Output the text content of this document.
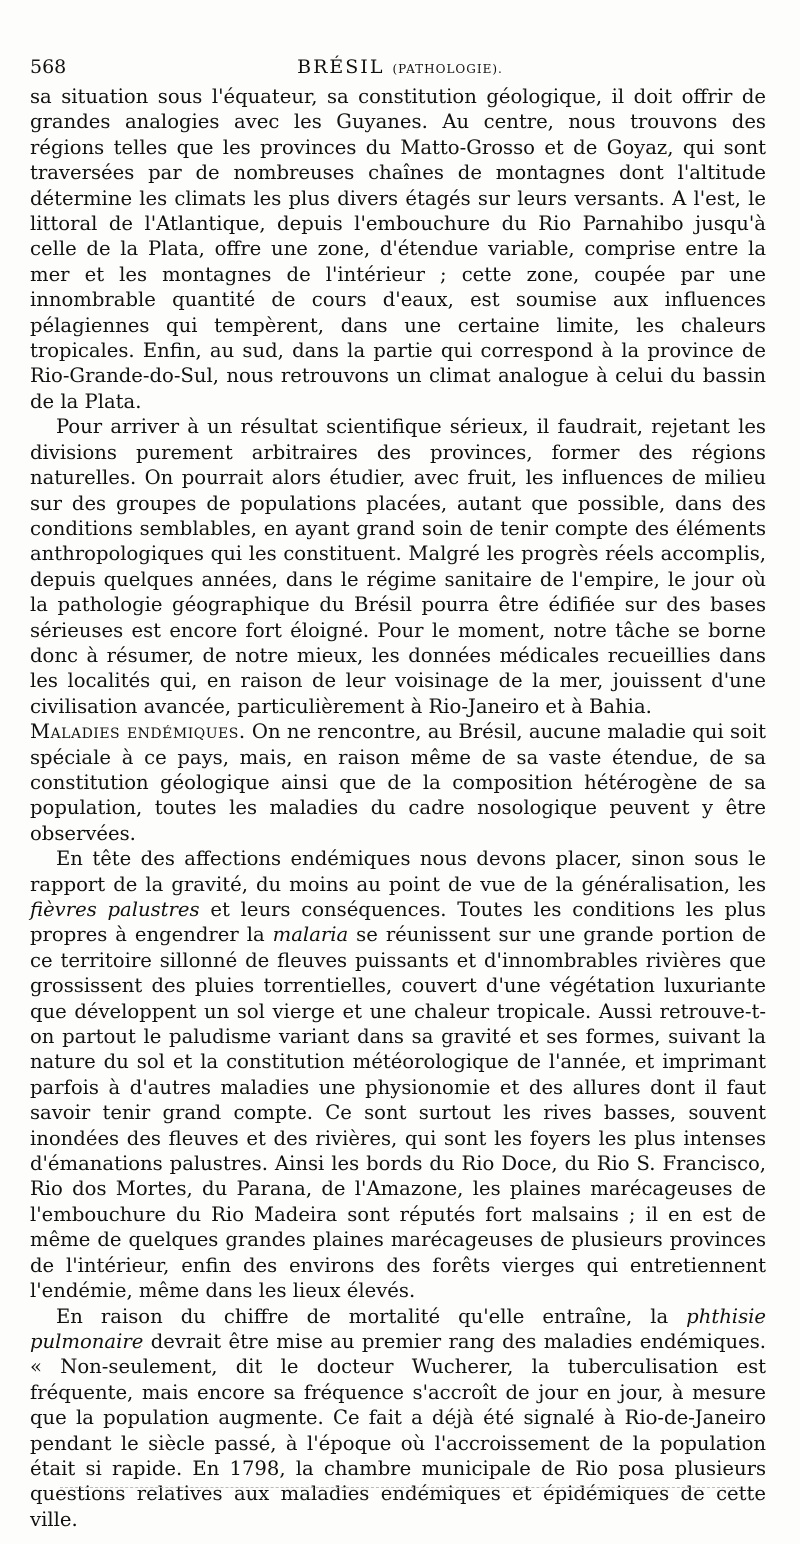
568	BRÉSIL (PATHOLOGIE).

sa situation sous l'équateur, sa constitution géologique, il doit offrir de grandes analogies avec les Guyanes. Au centre, nous trouvons des régions telles que les provinces du Matto-Grosso et de Goyaz, qui sont traversées par de nombreuses chaînes de montagnes dont l'altitude détermine les climats les plus divers étagés sur leurs versants. A l'est, le littoral de l'Atlantique, depuis l'embouchure du Rio Parnahibo jusqu'à celle de la Plata, offre une zone, d'étendue variable, comprise entre la mer et les montagnes de l'intérieur ; cette zone, coupée par une innombrable quantité de cours d'eaux, est soumise aux influences pélagiennes qui tempèrent, dans une certaine limite, les chaleurs tropicales. Enfin, au sud, dans la partie qui correspond à la province de Rio-Grande-do-Sul, nous retrouvons un climat analogue à celui du bassin de la Plata.

Pour arriver à un résultat scientifique sérieux, il faudrait, rejetant les divisions purement arbitraires des provinces, former des régions naturelles. On pourrait alors étudier, avec fruit, les influences de milieu sur des groupes de populations placées, autant que possible, dans des conditions semblables, en ayant grand soin de tenir compte des éléments anthropologiques qui les constituent. Malgré les progrès réels accomplis, depuis quelques années, dans le régime sanitaire de l'empire, le jour où la pathologie géographique du Brésil pourra être édifiée sur des bases sérieuses est encore fort éloigné. Pour le moment, notre tâche se borne donc à résumer, de notre mieux, les données médicales recueillies dans les localités qui, en raison de leur voisinage de la mer, jouissent d'une civilisation avancée, particulièrement à Rio-Janeiro et à Bahia.

Maladies endémiques. On ne rencontre, au Brésil, aucune maladie qui soit spéciale à ce pays, mais, en raison même de sa vaste étendue, de sa constitution géologique ainsi que de la composition hétérogène de sa population, toutes les maladies du cadre nosologique peuvent y être observées.

En tête des affections endémiques nous devons placer, sinon sous le rapport de la gravité, du moins au point de vue de la généralisation, les fièvres palustres et leurs conséquences. Toutes les conditions les plus propres à engendrer la malaria se réunissent sur une grande portion de ce territoire sillonné de fleuves puissants et d'innombrables rivières que grossissent des pluies torrentielles, couvert d'une végétation luxuriante que développent un sol vierge et une chaleur tropicale. Aussi retrouve-t-on partout le paludisme variant dans sa gravité et ses formes, suivant la nature du sol et la constitution météorologique de l'année, et imprimant parfois à d'autres maladies une physionomie et des allures dont il faut savoir tenir grand compte. Ce sont surtout les rives basses, souvent inondées des fleuves et des rivières, qui sont les foyers les plus intenses d'émanations palustres. Ainsi les bords du Rio Doce, du Rio S. Francisco, Rio dos Mortes, du Parana, de l'Amazone, les plaines marécageuses de l'embouchure du Rio Madeira sont réputés fort malsains ; il en est de même de quelques grandes plaines marécageuses de plusieurs provinces de l'intérieur, enfin des environs des forêts vierges qui entretiennent l'endémie, même dans les lieux élevés.

En raison du chiffre de mortalité qu'elle entraîne, la phthisie pulmonaire devrait être mise au premier rang des maladies endémiques. « Non-seulement, dit le docteur Wucherer, la tuberculisation est fréquente, mais encore sa fréquence s'accroît de jour en jour, à mesure que la population augmente. Ce fait a déjà été signalé à Rio-de-Janeiro pendant le siècle passé, à l'époque où l'accroissement de la population était si rapide. En 1798, la chambre municipale de Rio posa plusieurs questions relatives aux maladies endémiques et épidémiques de cette ville.
